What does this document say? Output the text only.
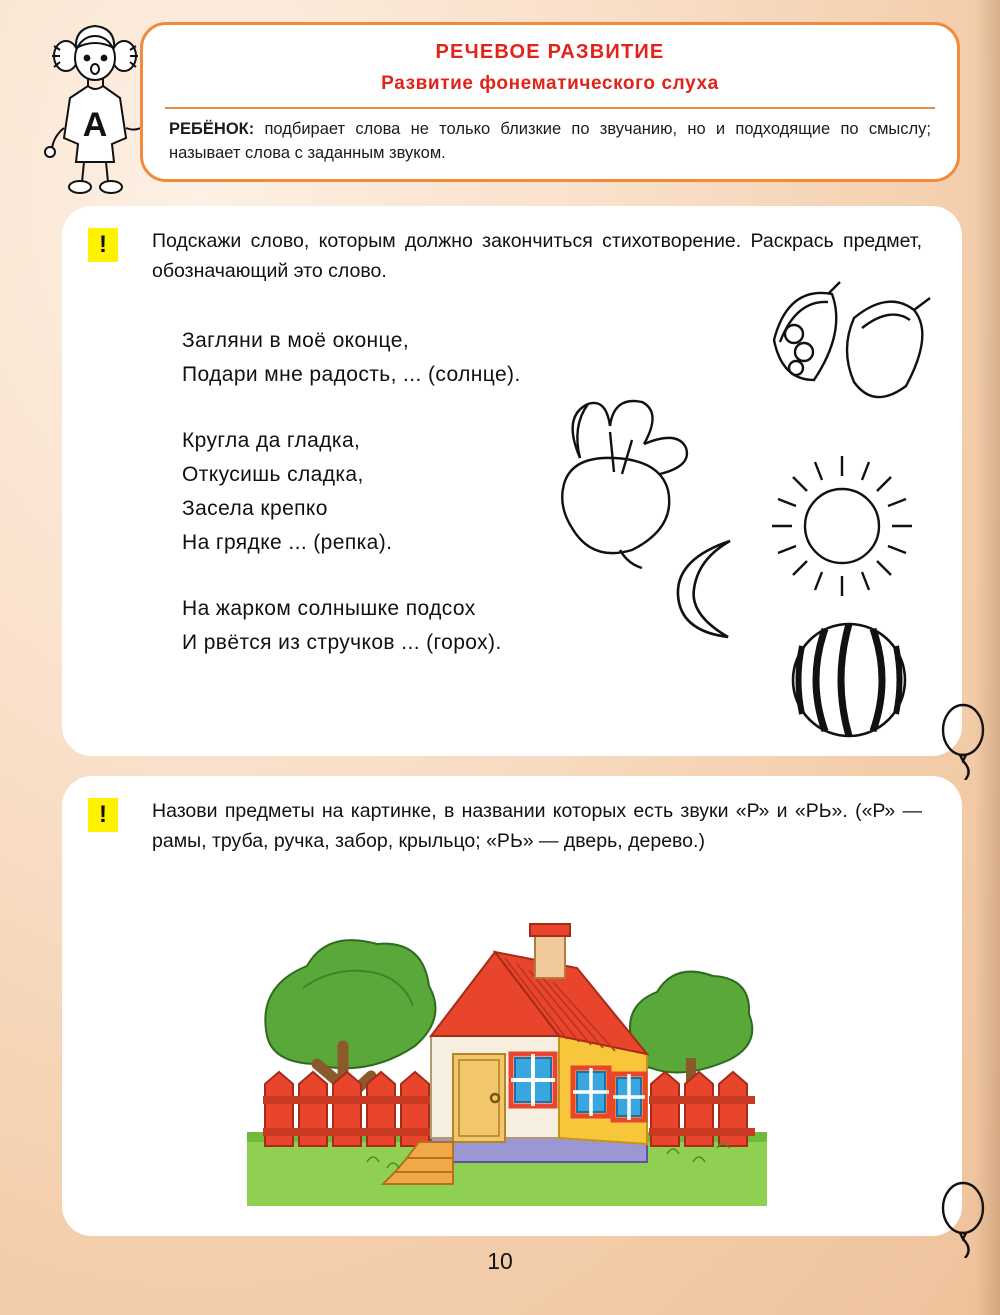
А
РЕЧЕВОЕ РАЗВИТИЕ
Развитие фонематического слуха
РЕБЁНОК: подбирает слова не только близкие по звучанию, но и подходящие по смыслу; называет слова с заданным звуком.
!	Подскажи слово, которым должно закончиться стихотворение. Раскрась предмет, обозначающий это слово.
Загляни в моё оконце,
Подари мне радость, ... (солнце).
Кругла да гладка,
Откусишь сладка,
Засела крепко
На грядке ... (репка).
На жарком солнышке подсох
И рвётся из стручков ... (горох).
!	Назови предметы на картинке, в названии которых есть звуки «Р» и «РЬ». («Р» — рамы, труба, ручка, забор, крыльцо; «РЬ» — дверь, дерево.)
10
